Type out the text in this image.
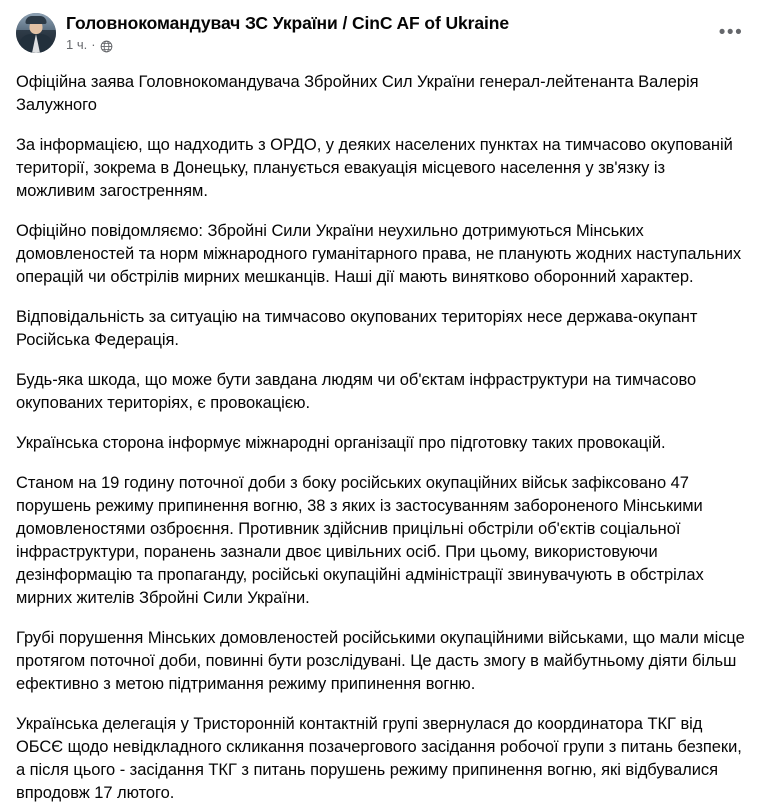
Головнокомандувач ЗС України / CinC AF of Ukraine
1 ч. ·
•••

Офіційна заява Головнокомандувача Збройних Сил України генерал-лейтенанта Валерія Залужного

За інформацією, що надходить з ОРДО, у деяких населених пунктах на тимчасово окупованій території, зокрема в Донецьку, планується евакуація місцевого населення у зв'язку із можливим загостренням.

Офіційно повідомляємо: Збройні Сили України неухильно дотримуються Мінських домовленостей та норм міжнародного гуманітарного права, не планують жодних наступальних операцій чи обстрілів мирних мешканців. Наші дії мають винятково оборонний характер.

Відповідальність за ситуацію на тимчасово окупованих територіях несе держава-окупант Російська Федерація.

Будь-яка шкода, що може бути завдана людям чи об'єктам інфраструктури на тимчасово окупованих територіях, є провокацією.

Українська сторона інформує міжнародні організації про підготовку таких провокацій.

Станом на 19 годину поточної доби з боку російських окупаційних військ зафіксовано 47 порушень режиму припинення вогню, 38 з яких із застосуванням забороненого Мінськими домовленостями озброєння. Противник здійснив прицільні обстріли об'єктів соціальної інфраструктури, поранень зазнали двоє цивільних осіб. При цьому, використовуючи дезінформацію та пропаганду, російські окупаційні адміністрації звинувачують в обстрілах мирних жителів Збройні Сили України.

Грубі порушення Мінських домовленостей російськими окупаційними військами, що мали місце протягом поточної доби, повинні бути розслідувані. Це дасть змогу в майбутньому діяти більш ефективно з метою підтримання режиму припинення вогню.

Українська делегація у Тристоронній контактній групі звернулася до координатора ТКГ від ОБСЄ щодо невідкладного скликання позачергового засідання робочої групи з питань безпеки, а після цього - засідання ТКГ з питань порушень режиму припинення вогню, які відбувалися впродовж 17 лютого.
